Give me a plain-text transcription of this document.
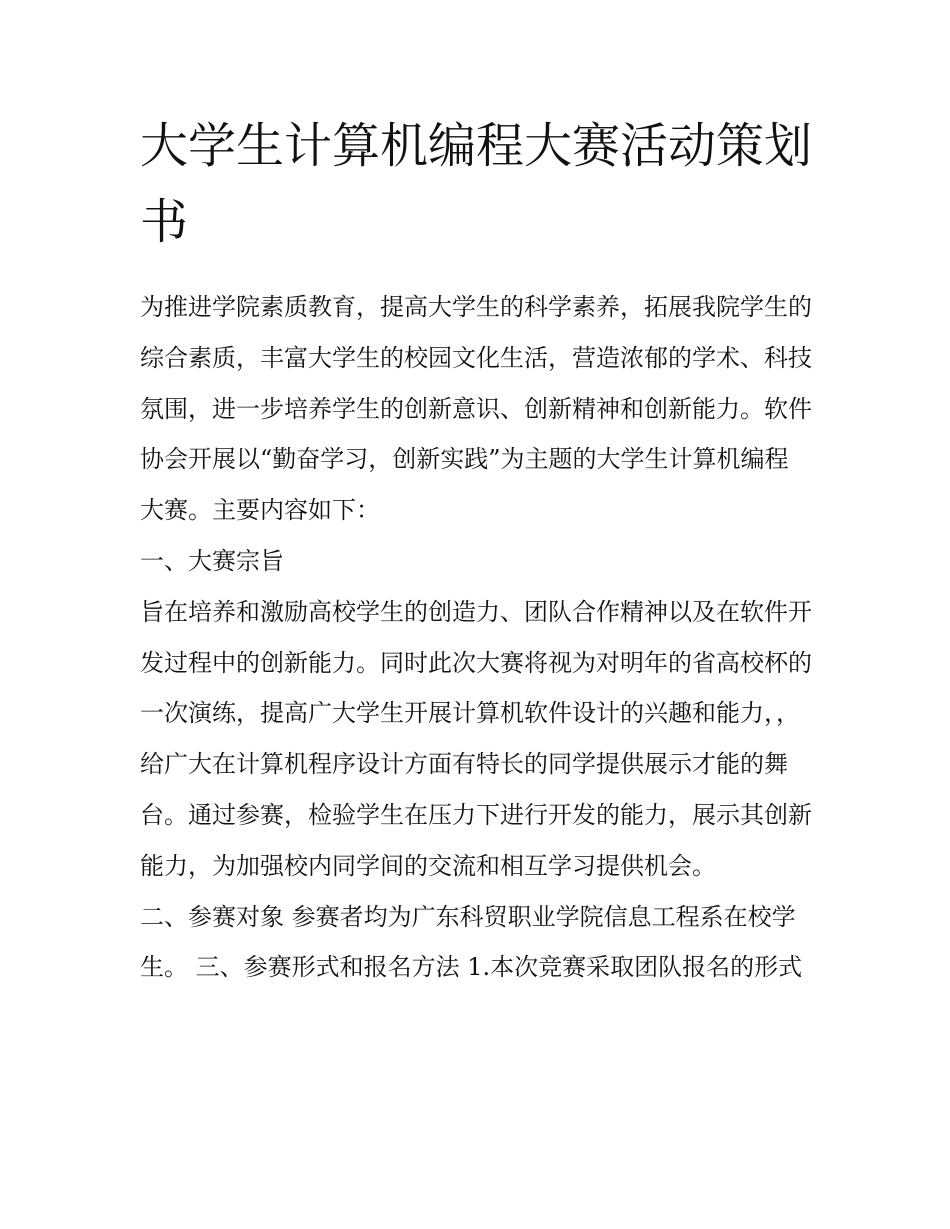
大学生计算机编程大赛活动策划书

为推进学院素质教育，提高大学生的科学素养，拓展我院学生的综合素质，丰富大学生的校园文化生活，营造浓郁的学术、科技氛围，进一步培养学生的创新意识、创新精神和创新能力。软件协会开展以“勤奋学习，创新实践”为主题的大学生计算机编程大赛。主要内容如下：

一、大赛宗旨

旨在培养和激励高校学生的创造力、团队合作精神以及在软件开发过程中的创新能力。同时此次大赛将视为对明年的省高校杯的一次演练，提高广大学生开展计算机软件设计的兴趣和能力，，给广大在计算机程序设计方面有特长的同学提供展示才能的舞台。通过参赛，检验学生在压力下进行开发的能力，展示其创新能力，为加强校内同学间的交流和相互学习提供机会。

二、参赛对象 参赛者均为广东科贸职业学院信息工程系在校学生。 三、参赛形式和报名方法 1.本次竞赛采取团队报名的形式
